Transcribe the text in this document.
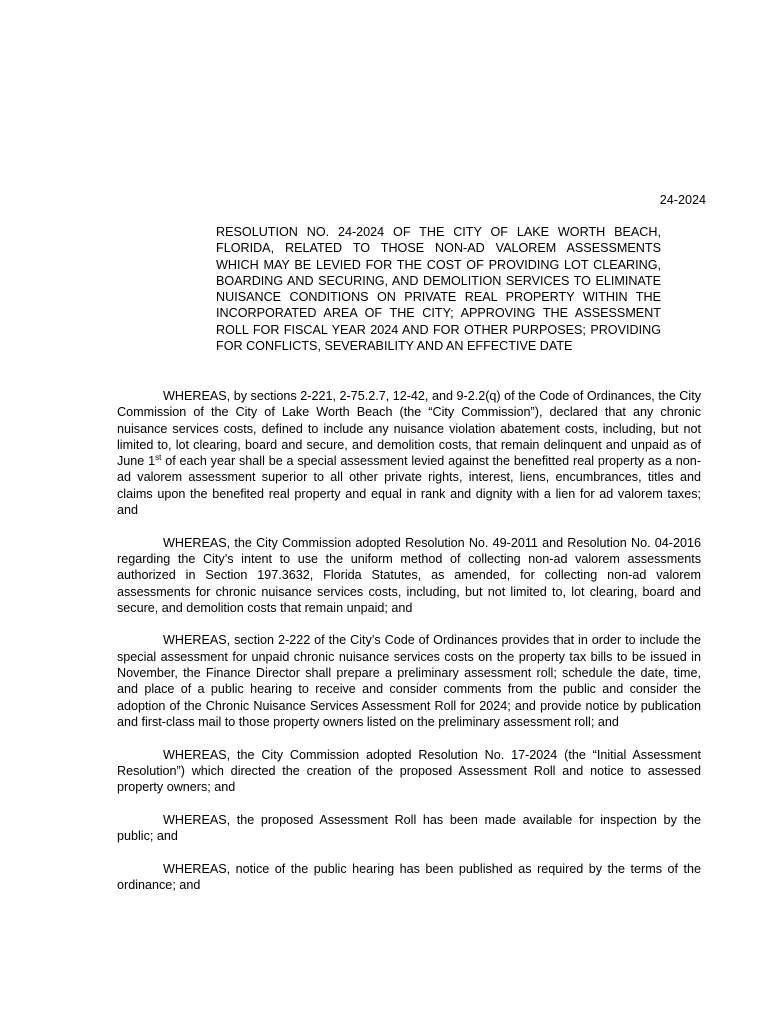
24-2024
RESOLUTION NO. 24-2024 OF THE CITY OF LAKE WORTH BEACH, FLORIDA, RELATED TO THOSE NON-AD VALOREM ASSESSMENTS WHICH MAY BE LEVIED FOR THE COST OF PROVIDING LOT CLEARING, BOARDING AND SECURING, AND DEMOLITION SERVICES TO ELIMINATE NUISANCE CONDITIONS ON PRIVATE REAL PROPERTY WITHIN THE INCORPORATED AREA OF THE CITY; APPROVING THE ASSESSMENT ROLL FOR FISCAL YEAR 2024 AND FOR OTHER PURPOSES; PROVIDING FOR CONFLICTS, SEVERABILITY AND AN EFFECTIVE DATE

WHEREAS, by sections 2-221, 2-75.2.7, 12-42, and 9-2.2(q) of the Code of Ordinances, the City Commission of the City of Lake Worth Beach (the “City Commission”), declared that any chronic nuisance services costs, defined to include any nuisance violation abatement costs, including, but not limited to, lot clearing, board and secure, and demolition costs, that remain delinquent and unpaid as of June 1st of each year shall be a special assessment levied against the benefitted real property as a non-ad valorem assessment superior to all other private rights, interest, liens, encumbrances, titles and claims upon the benefited real property and equal in rank and dignity with a lien for ad valorem taxes; and

WHEREAS, the City Commission adopted Resolution No. 49-2011 and Resolution No. 04-2016 regarding the City’s intent to use the uniform method of collecting non-ad valorem assessments authorized in Section 197.3632, Florida Statutes, as amended, for collecting non-ad valorem assessments for chronic nuisance services costs, including, but not limited to, lot clearing, board and secure, and demolition costs that remain unpaid; and

WHEREAS, section 2-222 of the City’s Code of Ordinances provides that in order to include the special assessment for unpaid chronic nuisance services costs on the property tax bills to be issued in November, the Finance Director shall prepare a preliminary assessment roll; schedule the date, time, and place of a public hearing to receive and consider comments from the public and consider the adoption of the Chronic Nuisance Services Assessment Roll for 2024; and provide notice by publication and first-class mail to those property owners listed on the preliminary assessment roll; and

WHEREAS, the City Commission adopted Resolution No. 17-2024 (the “Initial Assessment Resolution”) which directed the creation of the proposed Assessment Roll and notice to assessed property owners; and

WHEREAS, the proposed Assessment Roll has been made available for inspection by the public; and

WHEREAS, notice of the public hearing has been published as required by the terms of the ordinance; and
